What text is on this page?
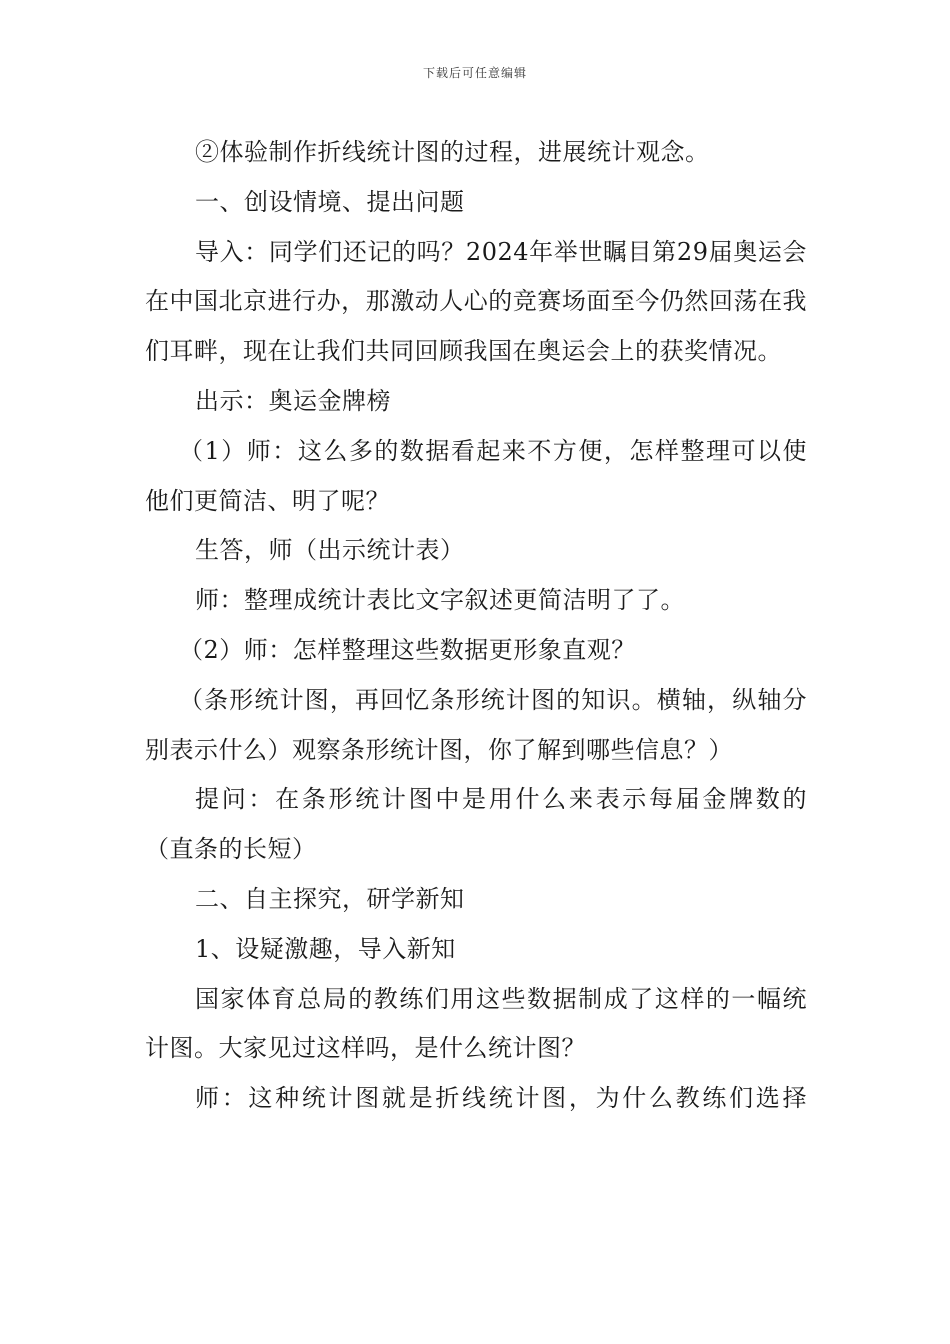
下载后可任意编辑

②体验制作折线统计图的过程，进展统计观念。

一、创设情境、提出问题

导入：同学们还记的吗？2024年举世瞩目第29届奥运会在中国北京进行办，那激动人心的竞赛场面至今仍然回荡在我们耳畔，现在让我们共同回顾我国在奥运会上的获奖情况。

出示：奥运金牌榜

（1）师：这么多的数据看起来不方便，怎样整理可以使他们更简洁、明了呢？

生答，师（出示统计表）

师：整理成统计表比文字叙述更简洁明了了。

（2）师：怎样整理这些数据更形象直观？

（条形统计图，再回忆条形统计图的知识。横轴，纵轴分别表示什么）观察条形统计图，你了解到哪些信息？）

提问：在条形统计图中是用什么来表示每届金牌数的（直条的长短）

二、自主探究，研学新知

1、设疑激趣，导入新知

国家体育总局的教练们用这些数据制成了这样的一幅统计图。大家见过这样吗，是什么统计图？

师：这种统计图就是折线统计图，为什么教练们选择
